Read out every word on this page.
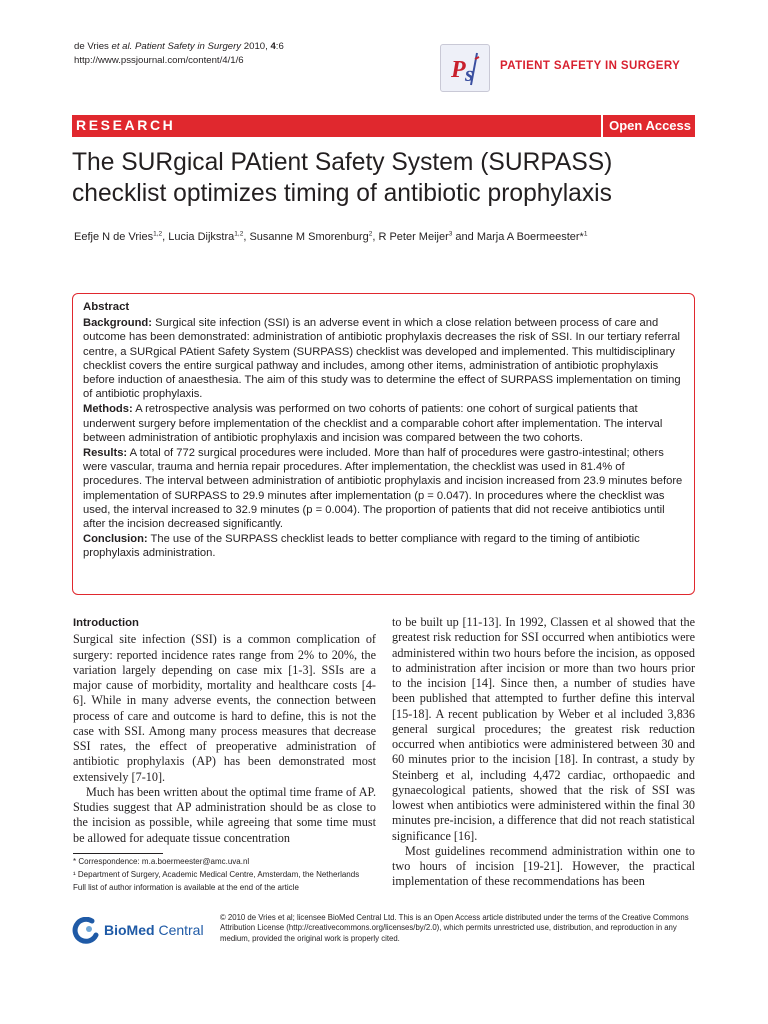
de Vries et al. Patient Safety in Surgery 2010, 4:6
http://www.pssjournal.com/content/4/1/6	P s PATIENT SAFETY IN SURGERY
RESEARCH	Open Access
The SURgical PAtient Safety System (SURPASS) checklist optimizes timing of antibiotic prophylaxis
Eefje N de Vries$^{1,2}$, Lucia Dijkstra$^{1,2}$, Susanne M Smorenburg$^2$, R Peter Meijer$^3$ and Marja A Boermeester*$^1$
Abstract

Background: Surgical site infection (SSI) is an adverse event in which a close relation between process of care and outcome has been demonstrated: administration of antibiotic prophylaxis decreases the risk of SSI. In our tertiary referral centre, a SURgical PAtient Safety System (SURPASS) checklist was developed and implemented. This multidisciplinary checklist covers the entire surgical pathway and includes, among other items, administration of antibiotic prophylaxis before induction of anaesthesia. The aim of this study was to determine the effect of SURPASS implementation on timing of antibiotic prophylaxis.

Methods: A retrospective analysis was performed on two cohorts of patients: one cohort of surgical patients that underwent surgery before implementation of the checklist and a comparable cohort after implementation. The interval between administration of antibiotic prophylaxis and incision was compared between the two cohorts.

Results: A total of 772 surgical procedures were included. More than half of procedures were gastro-intestinal; others were vascular, trauma and hernia repair procedures. After implementation, the checklist was used in 81.4% of procedures. The interval between administration of antibiotic prophylaxis and incision increased from 23.9 minutes before implementation of SURPASS to 29.9 minutes after implementation (p = 0.047). In procedures where the checklist was used, the interval increased to 32.9 minutes (p = 0.004). The proportion of patients that did not receive antibiotics until after the incision decreased significantly.

Conclusion: The use of the SURPASS checklist leads to better compliance with regard to the timing of antibiotic prophylaxis administration.

Introduction

Surgical site infection (SSI) is a common complication of surgery: reported incidence rates range from 2% to 20%, the variation largely depending on case mix [1-3]. SSIs are a major cause of morbidity, mortality and healthcare costs [4-6]. While in many adverse events, the connection between process of care and outcome is hard to define, this is not the case with SSI. Among many process measures that decrease SSI rates, the effect of preoperative administration of antibiotic prophylaxis (AP) has been demonstrated most extensively [7-10].

Much has been written about the optimal time frame of AP. Studies suggest that AP administration should be as close to the incision as possible, while agreeing that some time must be allowed for adequate tissue concentration

to be built up [11-13]. In 1992, Classen et al showed that the greatest risk reduction for SSI occurred when antibiotics were administered within two hours before the incision, as opposed to administration after incision or more than two hours prior to the incision [14]. Since then, a number of studies have been published that attempted to further define this interval [15-18]. A recent publication by Weber et al included 3,836 general surgical procedures; the greatest risk reduction occurred when antibiotics were administered between 30 and 60 minutes prior to the incision [18]. In contrast, a study by Steinberg et al, including 4,472 cardiac, orthopaedic and gynaecological patients, showed that the risk of SSI was lowest when antibiotics were administered within the final 30 minutes pre-incision, a difference that did not reach statistical significance [16].

Most guidelines recommend administration within one to two hours of incision [19-21]. However, the practical implementation of these recommendations has been

* Correspondence: m.a.boermeester@amc.uva.nl

¹ Department of Surgery, Academic Medical Centre, Amsterdam, the Netherlands

Full list of author information is available at the end of the article

BioMed Central
© 2010 de Vries et al; licensee BioMed Central Ltd. This is an Open Access article distributed under the terms of the Creative Commons Attribution License (http://creativecommons.org/licenses/by/2.0), which permits unrestricted use, distribution, and reproduction in any medium, provided the original work is properly cited.
